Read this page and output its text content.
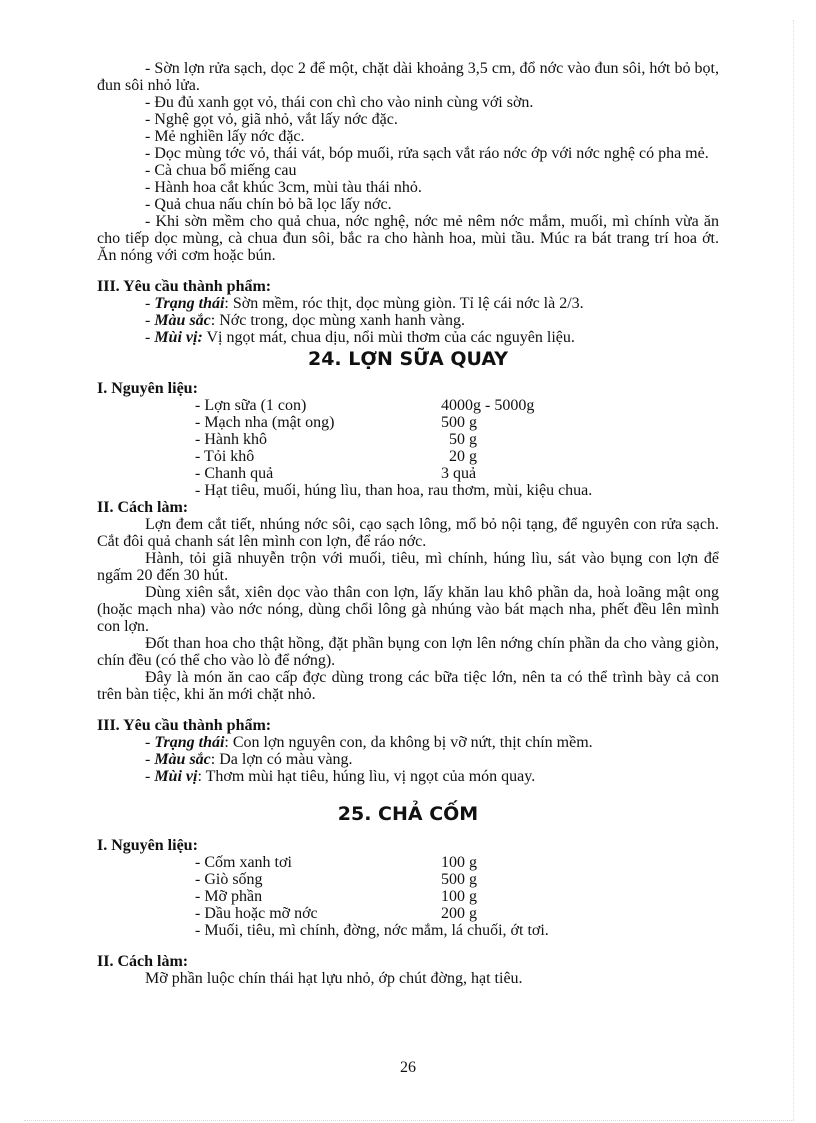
- Sờn lợn rửa sạch, dọc 2 để một, chặt dài khoảng 3,5 cm, đổ nớc vào đun sôi, hớt bỏ bọt, đun sôi nhỏ lửa.

- Đu đủ xanh gọt vỏ, thái con chì cho vào ninh cùng với sờn.

- Nghệ gọt vỏ, giã nhỏ, vắt lấy nớc đặc.

- Mẻ nghiền lấy nớc đặc.

- Dọc mùng tớc vỏ, thái vát, bóp muối, rửa sạch vắt ráo nớc ớp với nớc nghệ có pha mẻ.

- Cà chua bổ miếng cau

- Hành hoa cắt khúc 3cm, mùi tàu thái nhỏ.

- Quả chua nấu chín bỏ bã lọc lấy nớc.

- Khi sờn mềm cho quả chua, nớc nghệ, nớc mẻ nêm nớc mắm, muối, mì chính vừa ăn cho tiếp dọc mùng, cà chua đun sôi, bắc ra cho hành hoa, mùi tầu. Múc ra bát trang trí hoa ớt. Ăn nóng với cơm hoặc bún.

III. Yêu cầu thành phẩm:

- Trạng thái: Sờn mềm, róc thịt, dọc mùng giòn. Tỉ lệ cái nớc là 2/3.

- Màu sắc: Nớc trong, dọc mùng xanh hanh vàng.

- Mùi vị: Vị ngọt mát, chua dịu, nổi mùi thơm của các nguyên liệu.

24. LỢN SỮA QUAY

I. Nguyên liệu:

- Lợn sữa (1 con)	4000g - 5000g
- Mạch nha (mật ong)	500 g
- Hành khô	50 g
- Tỏi khô	20 g
- Chanh quả	3 quả
- Hạt tiêu, muối, húng lìu, than hoa, rau thơm, mùi, kiệu chua.

II. Cách làm:

Lợn đem cắt tiết, nhúng nớc sôi, cạo sạch lông, mổ bỏ nội tạng, để nguyên con rửa sạch. Cắt đôi quả chanh sát lên mình con lợn, để ráo nớc.

Hành, tỏi giã nhuyễn trộn với muối, tiêu, mì chính, húng lìu, sát vào bụng con lợn để ngấm 20 đến 30 hút.

Dùng xiên sắt, xiên dọc vào thân con lợn, lấy khăn lau khô phần da, hoà loãng mật ong (hoặc mạch nha) vào nớc nóng, dùng chổi lông gà nhúng vào bát mạch nha, phết đều lên mình con lợn.

Đốt than hoa cho thật hồng, đặt phần bụng con lợn lên nớng chín phần da cho vàng giòn, chín đều (có thể cho vào lò để nớng).

Đây là món ăn cao cấp đợc dùng trong các bữa tiệc lớn, nên ta có thể trình bày cả con trên bàn tiệc, khi ăn mới chặt nhỏ.

III. Yêu cầu thành phẩm:

- Trạng thái: Con lợn nguyên con, da không bị vỡ nứt, thịt chín mềm.

- Màu sắc: Da lợn có màu vàng.

- Mùi vị: Thơm mùi hạt tiêu, húng lìu, vị ngọt của món quay.

25. CHẢ CỐM

I. Nguyên liệu:

- Cốm xanh tơi	100 g
- Giò sống	500 g
- Mỡ phần	100 g
- Dầu hoặc mỡ nớc	200 g
- Muối, tiêu, mì chính, đờng, nớc mắm, lá chuối, ớt tơi.

II. Cách làm:

Mỡ phần luộc chín thái hạt lựu nhỏ, ớp chút đờng, hạt tiêu.

26
